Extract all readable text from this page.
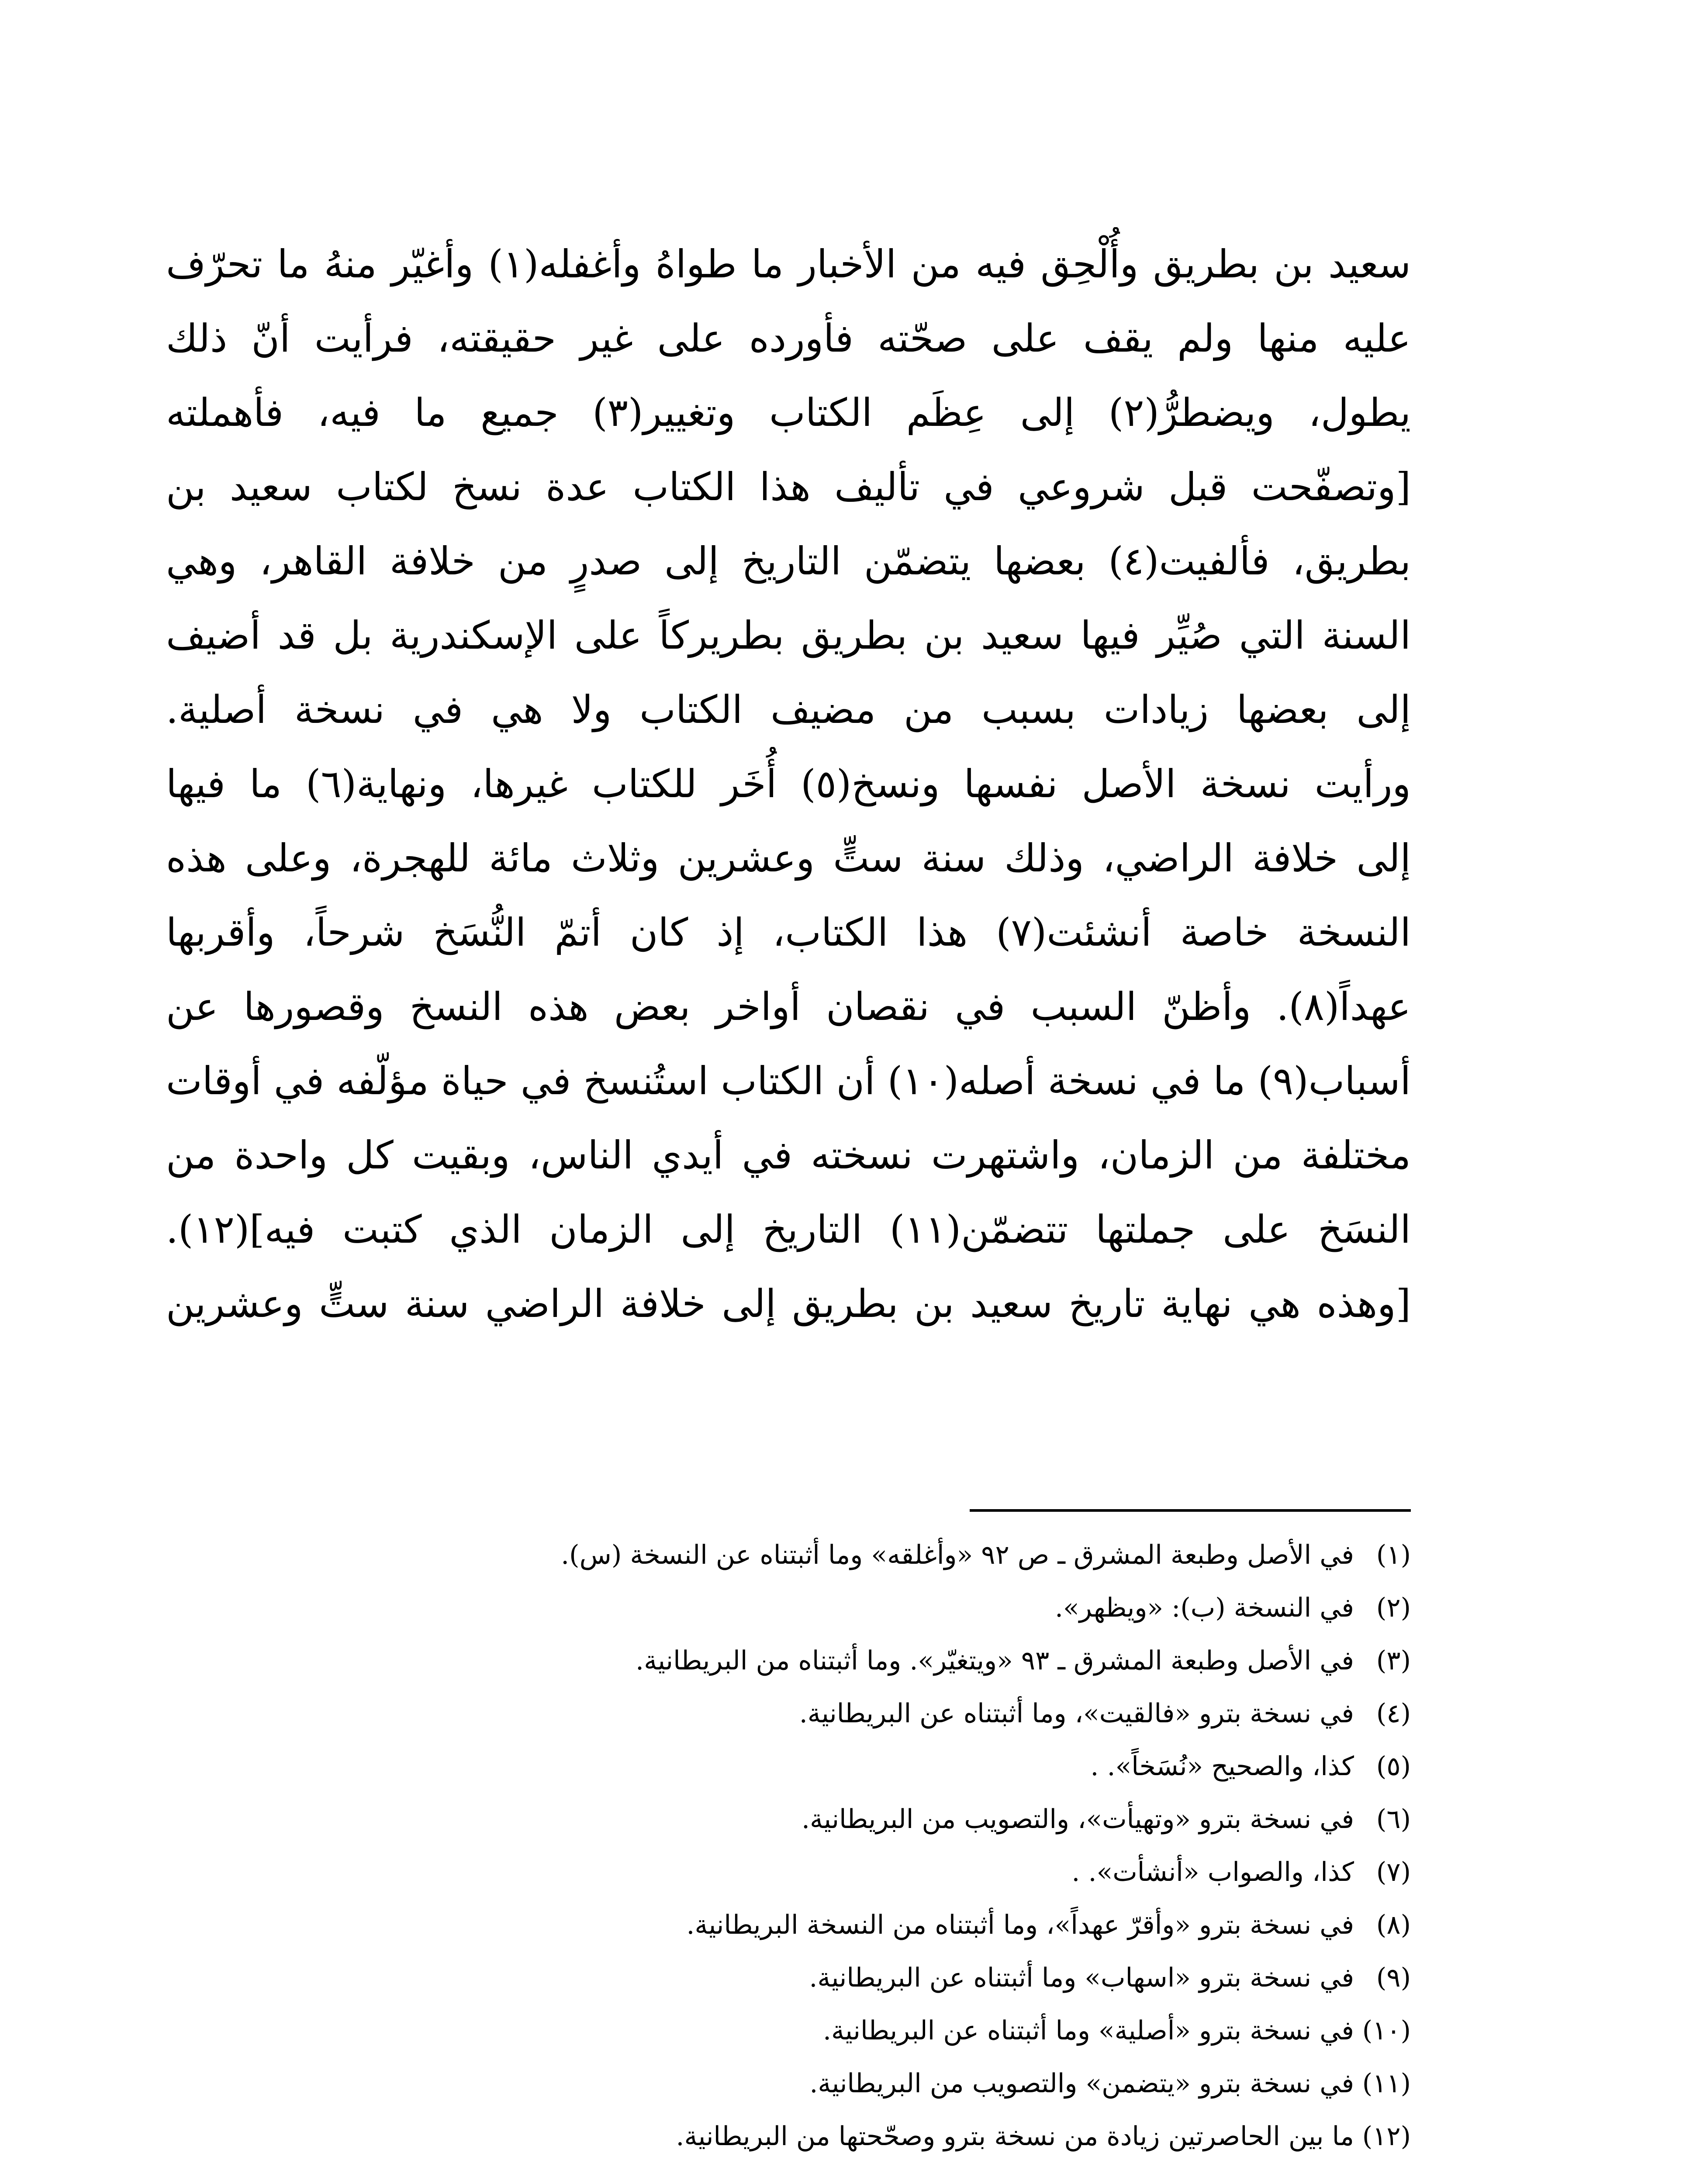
سعيد بن بطريق وأُلْحِق فيه من الأخبار ما طواهُ وأغفله(١) وأغيّر منهُ ما تحرّف
عليه منها ولم يقف على صحّته فأورده على غير حقيقته، فرأيت أنّ ذلك
يطول، ويضطرُّ(٢) إلى عِظَم الكتاب وتغيير(٣) جميع ما فيه، فأهملته
[وتصفّحت قبل شروعي في تأليف هذا الكتاب عدة نسخ لكتاب سعيد بن
بطريق، فألفيت(٤) بعضها يتضمّن التاريخ إلى صدرٍ من خلافة القاهر، وهي
السنة التي صُيِّر فيها سعيد بن بطريق بطريركاً على الإسكندرية بل قد أضيف
إلى بعضها زيادات بسبب من مضيف الكتاب ولا هي في نسخة أصلية.
ورأيت نسخة الأصل نفسها ونسخ(٥) أُخَر للكتاب غيرها، ونهاية(٦) ما فيها
إلى خلافة الراضي، وذلك سنة ستٍّ وعشرين وثلاث مائة للهجرة، وعلى هذه
النسخة خاصة أنشئت(٧) هذا الكتاب، إذ كان أتمّ النُّسَخ شرحاً، وأقربها
عهداً(٨). وأظنّ السبب في نقصان أواخر بعض هذه النسخ وقصورها عن
أسباب(٩) ما في نسخة أصله(١٠) أن الكتاب استُنسخ في حياة مؤلّفه في أوقات
مختلفة من الزمان، واشتهرت نسخته في أيدي الناس، وبقيت كل واحدة من
النسَخ على جملتها تتضمّن(١١) التاريخ إلى الزمان الذي كتبت فيه](١٢).
[وهذه هي نهاية تاريخ سعيد بن بطريق إلى خلافة الراضي سنة ستٍّ وعشرين
(١)في الأصل وطبعة المشرق ـ ص ٩٢ «وأغلقه» وما أثبتناه عن النسخة (س).
(٢)في النسخة (ب): «ويظهر».
(٣)في الأصل وطبعة المشرق ـ ٩٣ «ويتغيّر». وما أثبتناه من البريطانية.
(٤)في نسخة بترو «فالقيت»، وما أثبتناه عن البريطانية.
(٥)كذا، والصحيح «نُسَخاً». .
(٦)في نسخة بترو «وتهيأت»، والتصويب من البريطانية.
(٧)كذا، والصواب «أنشأت». .
(٨)في نسخة بترو «وأقرّ عهداً»، وما أثبتناه من النسخة البريطانية.
(٩)في نسخة بترو «اسهاب» وما أثبتناه عن البريطانية.
(١٠)في نسخة بترو «أصلية» وما أثبتناه عن البريطانية.
(١١)في نسخة بترو «يتضمن» والتصويب من البريطانية.
(١٢)ما بين الحاصرتين زيادة من نسخة بترو وصحّحتها من البريطانية.
